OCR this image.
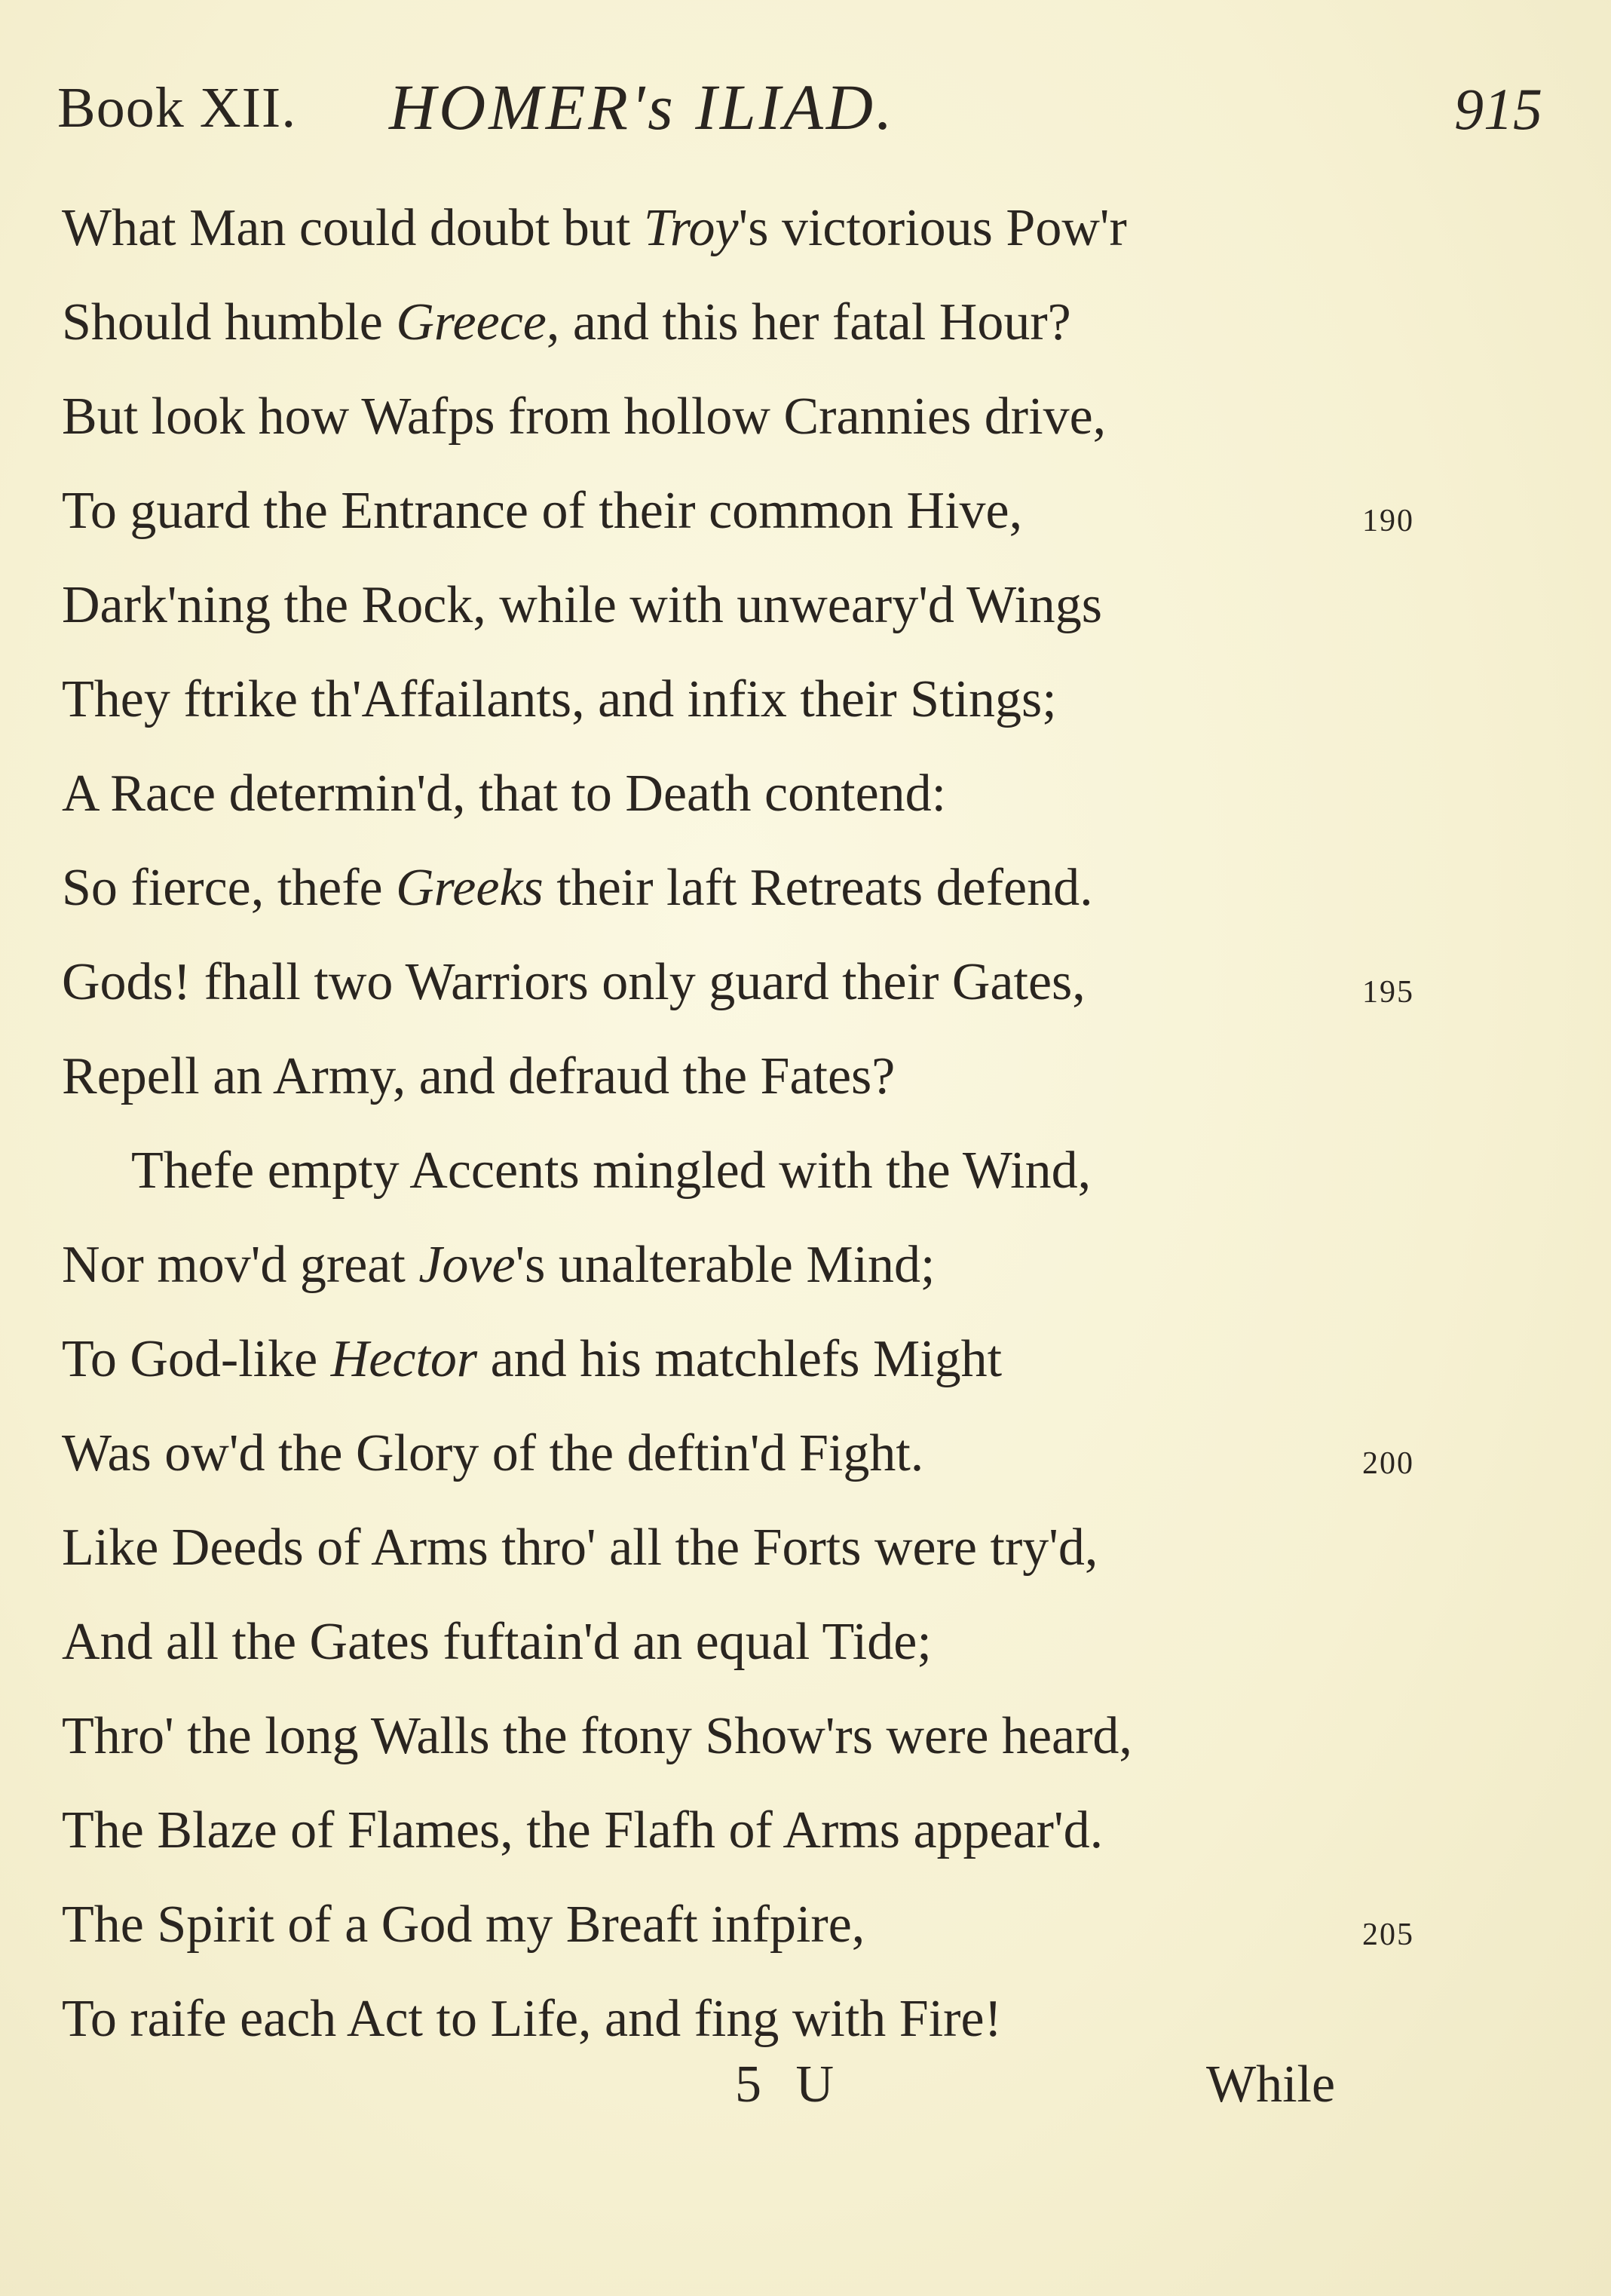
Book XII. HOMER's ILIAD.	915
What Man could doubt but Troy's victorious Pow'r
Should humble Greece, and this her fatal Hour?
But look how Wafps from hollow Crannies drive,
To guard the Entrance of their common Hive,	190
Dark'ning the Rock, while with unweary'd Wings
They ftrike th'Affailants, and infix their Stings;
A Race determin'd, that to Death contend:
So fierce, thefe Greeks their laft Retreats defend.
Gods! fhall two Warriors only guard their Gates,	195
Repell an Army, and defraud the Fates?
Thefe empty Accents mingled with the Wind,
Nor mov'd great Jove's unalterable Mind;
To God-like Hector and his matchlefs Might
Was ow'd the Glory of the deftin'd Fight.	200
Like Deeds of Arms thro' all the Forts were try'd,
And all the Gates fuftain'd an equal Tide;
Thro' the long Walls the ftony Show'rs were heard,
The Blaze of Flames, the Flafh of Arms appear'd.
The Spirit of a God my Breaft infpire,	205
To raife each Act to Life, and fing with Fire!
5 U	While
